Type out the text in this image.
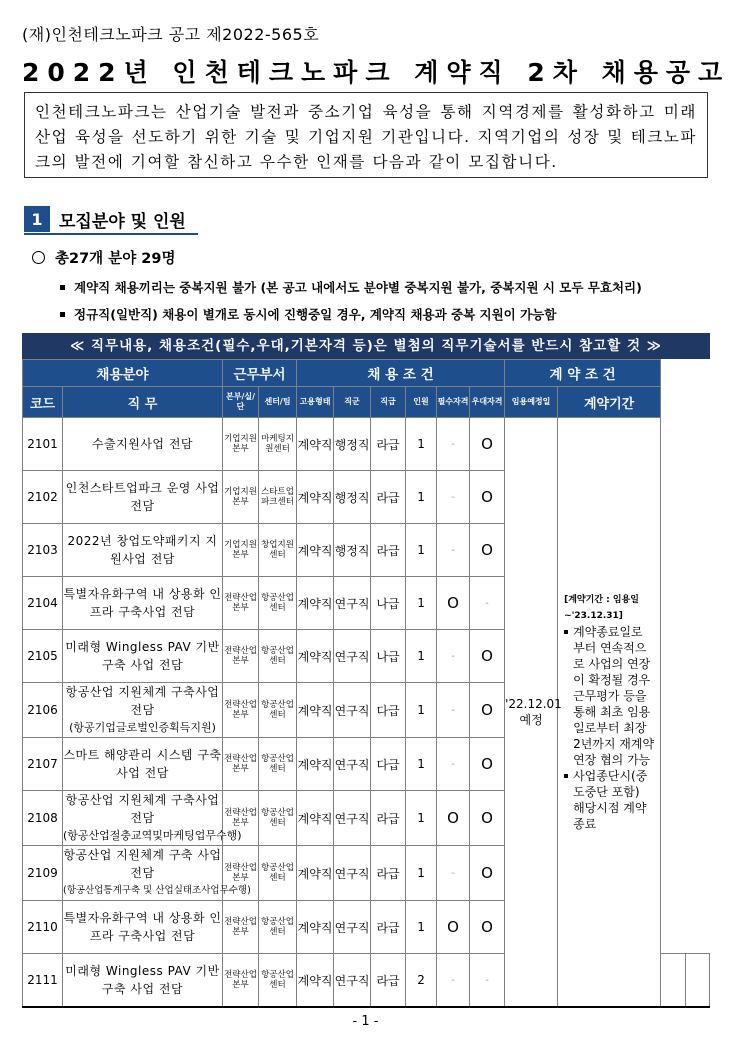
(재)인천테크노파크 공고 제2022-565호
2022년 인천테크노파크 계약직 2차 채용공고
인천테크노파크는 산업기술 발전과 중소기업 육성을 통해 지역경제를 활성화하고 미래산업 육성을 선도하기 위한 기술 및 기업지원 기관입니다. 지역기업의 성장 및 테크노파크의 발전에 기여할 참신하고 우수한 인재를 다음과 같이 모집합니다.
1 모집분야 및 인원
총27개 분야 29명
계약직 채용끼리는 중복지원 불가 (본 공고 내에서도 분야별 중복지원 불가, 중복지원 시 모두 무효처리)
정규직(일반직) 채용이 별개로 동시에 진행중일 경우, 계약직 채용과 중복 지원이 가능함
≪ 직무내용, 채용조건(필수,우대,기본자격 등)은 별첨의 직무기술서를 반드시 참고할 것 ≫
채용분야		근무부서		채 용 조 건						계 약 조 건			
코드	직 무	본부/실/단	센터/팀	고용형태	직군	직급	인원	필수자격	우대자격	임용예정일	계약기간		
2101	수출지원사업 전담	기업지원 본부	마케팅지원센터	계약직	행정직	라급	1	-	O	'22.12.01 예정	[계약기간 : 임용일 ~'23.12.31]
계약종료일로부터 연속적으로 사업의 연장이 확정될 경우 근무평가 등을 통해 최초 임용일로부터 최장 2년까지 재계약 연장 협의 가능
사업종단시(중도중단 포함) 해당시점 계약종료		

2102	인천스타트업파크 운영 사업 전담	기업지원 본부	스타트업 파크센터	계약직	행정직	라급	1	-	O				
2103	2022년 창업도약패키지 지원사업 전담	기업지원 본부	창업지원 센터	계약직	행정직	라급	1	-	O				
2104	특별자유화구역 내 상용화 인프라 구축사업 전담	전략산업 본부	항공산업 센터	계약직	연구직	나급	1	O	-				
2105	미래형 Wingless PAV 기반구축 사업 전담	전략산업 본부	항공산업 센터	계약직	연구직	나급	1	-	O				
2106	항공산업 지원체계 구축사업 전담
(항공기업글로벌인증획득지원)	전략산업 본부	항공산업 센터	계약직	연구직	다급	1	-	O				
2107	스마트 해양관리 시스템 구축사업 전담	전략산업 본부	항공산업 센터	계약직	연구직	다급	1	-	O				
2108	항공산업 지원체계 구축사업 전담
(항공산업절충교역및마케팅업무수행)	전략산업 본부	항공산업 센터	계약직	연구직	라급	1	O	O				
2109	항공산업 지원체계 구축 사업 전담
(항공산업통계구축 및 산업실태조사업무수행)	전략산업 본부	항공산업 센터	계약직	연구직	라급	1	-	O				
2110	특별자유화구역 내 상용화 인프라 구축사업 전담	전략산업 본부	항공산업 센터	계약직	연구직	라급	1	O	O				
2111	미래형 Wingless PAV 기반구축 사업 전담	전략산업 본부	항공산업 센터	계약직	연구직	라급	2	-	-				
- 1 -
